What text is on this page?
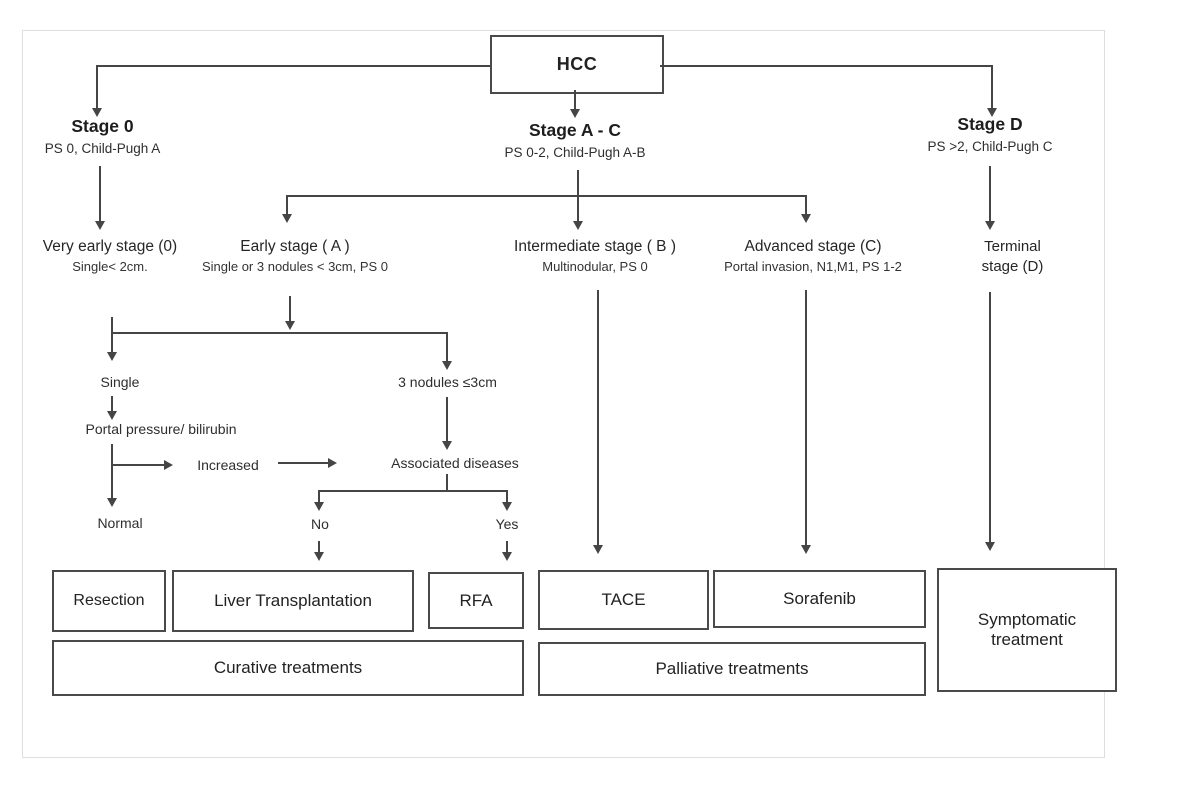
HCC
Stage 0
PS 0, Child-Pugh A
Stage A - C
PS 0-2, Child-Pugh A-B
Stage D
PS >2, Child-Pugh C
Very early stage (0)
Single< 2cm.
Early stage ( A )
Single or 3 nodules < 3cm, PS 0
Intermediate stage ( B )
Multinodular, PS 0
Advanced stage (C)
Portal invasion, N1,M1, PS 1-2
Terminal
stage (D)
Single	3 nodules ≤3cm
Portal pressure/ bilirubin
Increased	Associated diseases
Normal	No	Yes
Resection	Liver Transplantation	RFA	TACE	Sorafenib
Symptomatic treatment
Curative treatments	Palliative treatments
